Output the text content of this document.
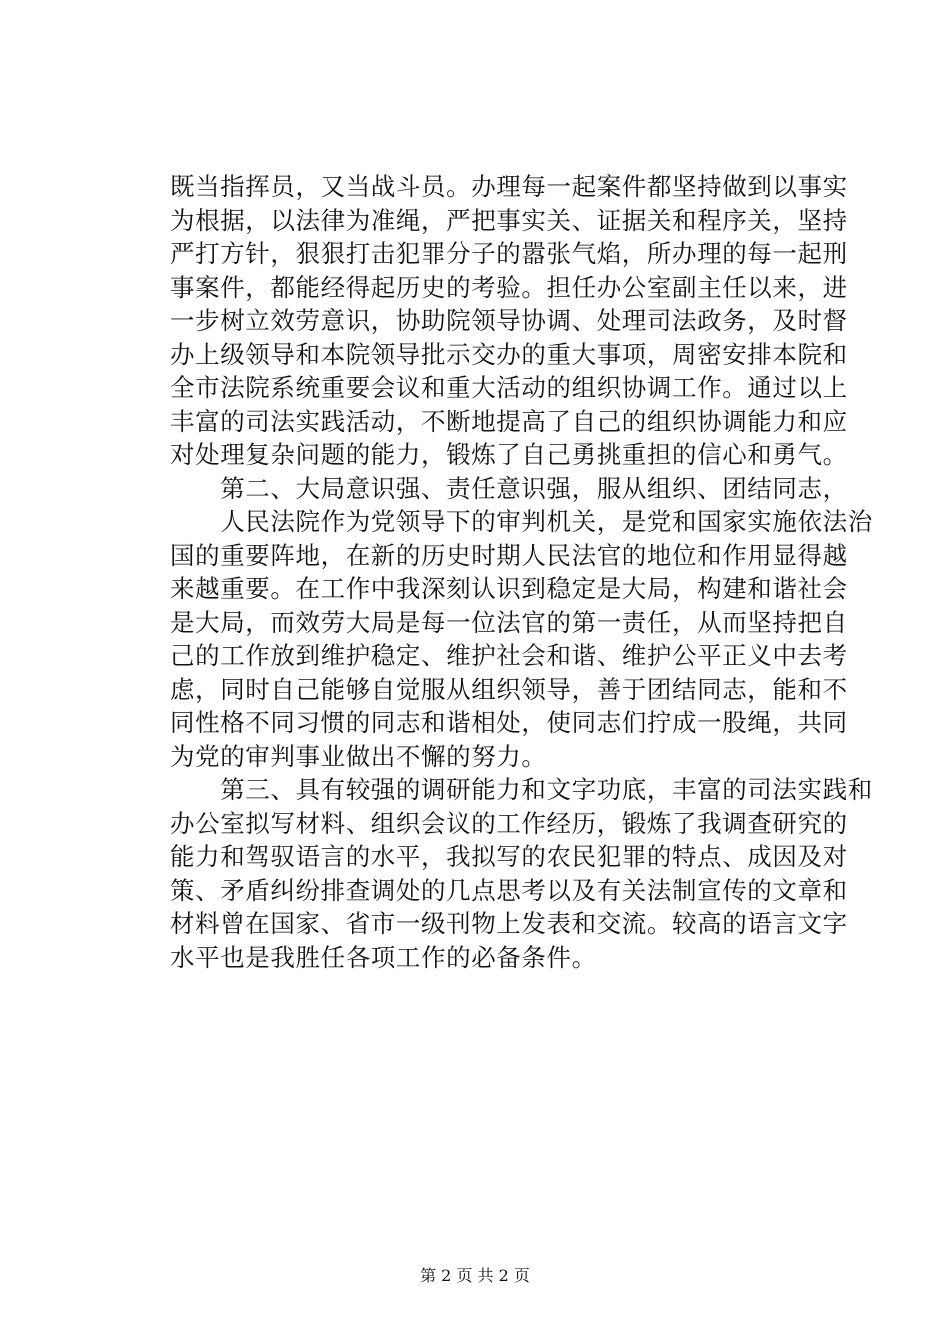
既当指挥员，又当战斗员。办理每一起案件都坚持做到以事实
为根据，以法律为准绳，严把事实关、证据关和程序关，坚持
严打方针，狠狠打击犯罪分子的嚣张气焰，所办理的每一起刑
事案件，都能经得起历史的考验。担任办公室副主任以来，进
一步树立效劳意识，协助院领导协调、处理司法政务，及时督
办上级领导和本院领导批示交办的重大事项，周密安排本院和
全市法院系统重要会议和重大活动的组织协调工作。通过以上
丰富的司法实践活动，不断地提高了自己的组织协调能力和应
对处理复杂问题的能力，锻炼了自己勇挑重担的信心和勇气。
　　第二、大局意识强、责任意识强，服从组织、团结同志，
　　人民法院作为党领导下的审判机关，是党和国家实施依法治
国的重要阵地，在新的历史时期人民法官的地位和作用显得越
来越重要。在工作中我深刻认识到稳定是大局，构建和谐社会
是大局，而效劳大局是每一位法官的第一责任，从而坚持把自
己的工作放到维护稳定、维护社会和谐、维护公平正义中去考
虑，同时自己能够自觉服从组织领导，善于团结同志，能和不
同性格不同习惯的同志和谐相处，使同志们拧成一股绳，共同
为党的审判事业做出不懈的努力。
　　第三、具有较强的调研能力和文字功底，丰富的司法实践和
办公室拟写材料、组织会议的工作经历，锻炼了我调查研究的
能力和驾驭语言的水平，我拟写的农民犯罪的特点、成因及对
策、矛盾纠纷排查调处的几点思考以及有关法制宣传的文章和
材料曾在国家、省市一级刊物上发表和交流。较高的语言文字
水平也是我胜任各项工作的必备条件。
第 2 页 共 2 页
